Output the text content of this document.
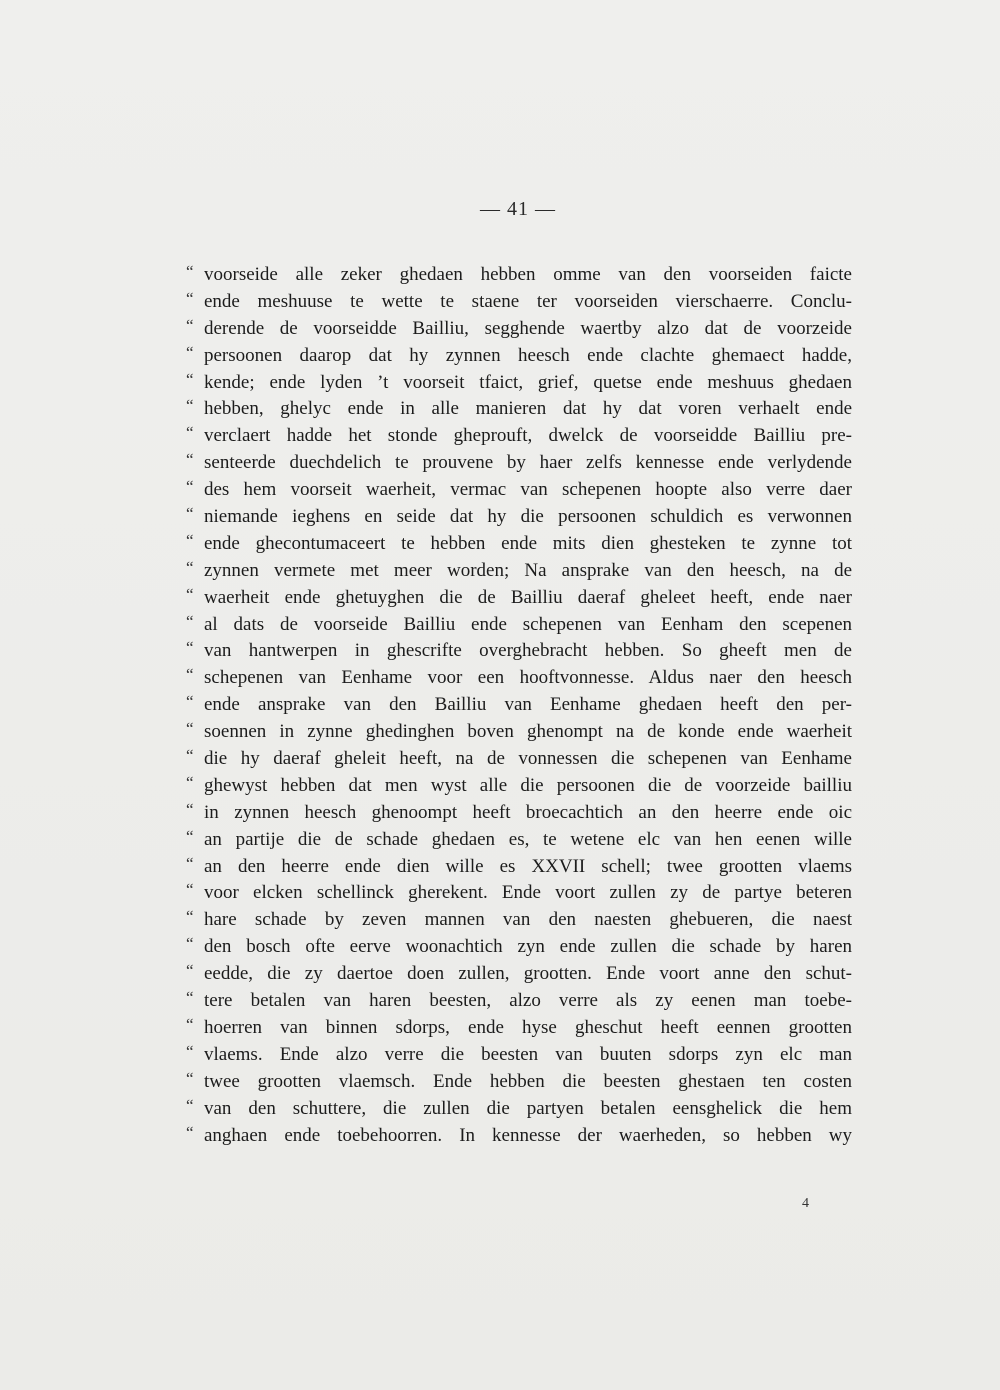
— 41 —
“ voorseide alle zeker ghedaen hebben omme van den voorseiden faicte
“ ende meshuuse te wette te staene ter voorseiden vierschaerre. Conclu-
“ derende de voorseidde Bailliu, segghende waertby alzo dat de voorzeide
“ persoonen daarop dat hy zynnen heesch ende clachte ghemaect hadde,
“ kende; ende lyden ’t voorseit tfaict, grief, quetse ende meshuus ghedaen
“ hebben, ghelyc ende in alle manieren dat hy dat voren verhaelt ende
“ verclaert hadde het stonde gheprouft, dwelck de voorseidde Bailliu pre-
“ senteerde duechdelich te prouvene by haer zelfs kennesse ende verlydende
“ des hem voorseit waerheit, vermac van schepenen hoopte also verre daer
“ niemande ieghens en seide dat hy die persoonen schuldich es verwonnen
“ ende ghecontumaceert te hebben ende mits dien ghesteken te zynne tot
“ zynnen vermete met meer worden; Na ansprake van den heesch, na de
“ waerheit ende ghetuyghen die de Bailliu daeraf gheleet heeft, ende naer
“ al dats de voorseide Bailliu ende schepenen van Eenham den scepenen
“ van hantwerpen in ghescrifte overghebracht hebben. So gheeft men de
“ schepenen van Eenhame voor een hooftvonnesse. Aldus naer den heesch
“ ende ansprake van den Bailliu van Eenhame ghedaen heeft den per-
“ soennen in zynne ghedinghen boven ghenompt na de konde ende waerheit
“ die hy daeraf gheleit heeft, na de vonnessen die schepenen van Eenhame
“ ghewyst hebben dat men wyst alle die persoonen die de voorzeide bailliu
“ in zynnen heesch ghenoompt heeft broecachtich an den heerre ende oic
“ an partije die de schade ghedaen es, te wetene elc van hen eenen wille
“ an den heerre ende dien wille es XXVII schell; twee grootten vlaems
“ voor elcken schellinck gherekent. Ende voort zullen zy de partye beteren
“ hare schade by zeven mannen van den naesten ghebueren, die naest
“ den bosch ofte eerve woonachtich zyn ende zullen die schade by haren
“ eedde, die zy daertoe doen zullen, grootten. Ende voort anne den schut-
“ tere betalen van haren beesten, alzo verre als zy eenen man toebe-
“ hoerren van binnen sdorps, ende hyse gheschut heeft eennen grootten
“ vlaems. Ende alzo verre die beesten van buuten sdorps zyn elc man
“ twee grootten vlaemsch. Ende hebben die beesten ghestaen ten costen
“ van den schuttere, die zullen die partyen betalen eensghelick die hem
“ anghaen ende toebehoorren. In kennesse der waerheden, so hebben wy
4
